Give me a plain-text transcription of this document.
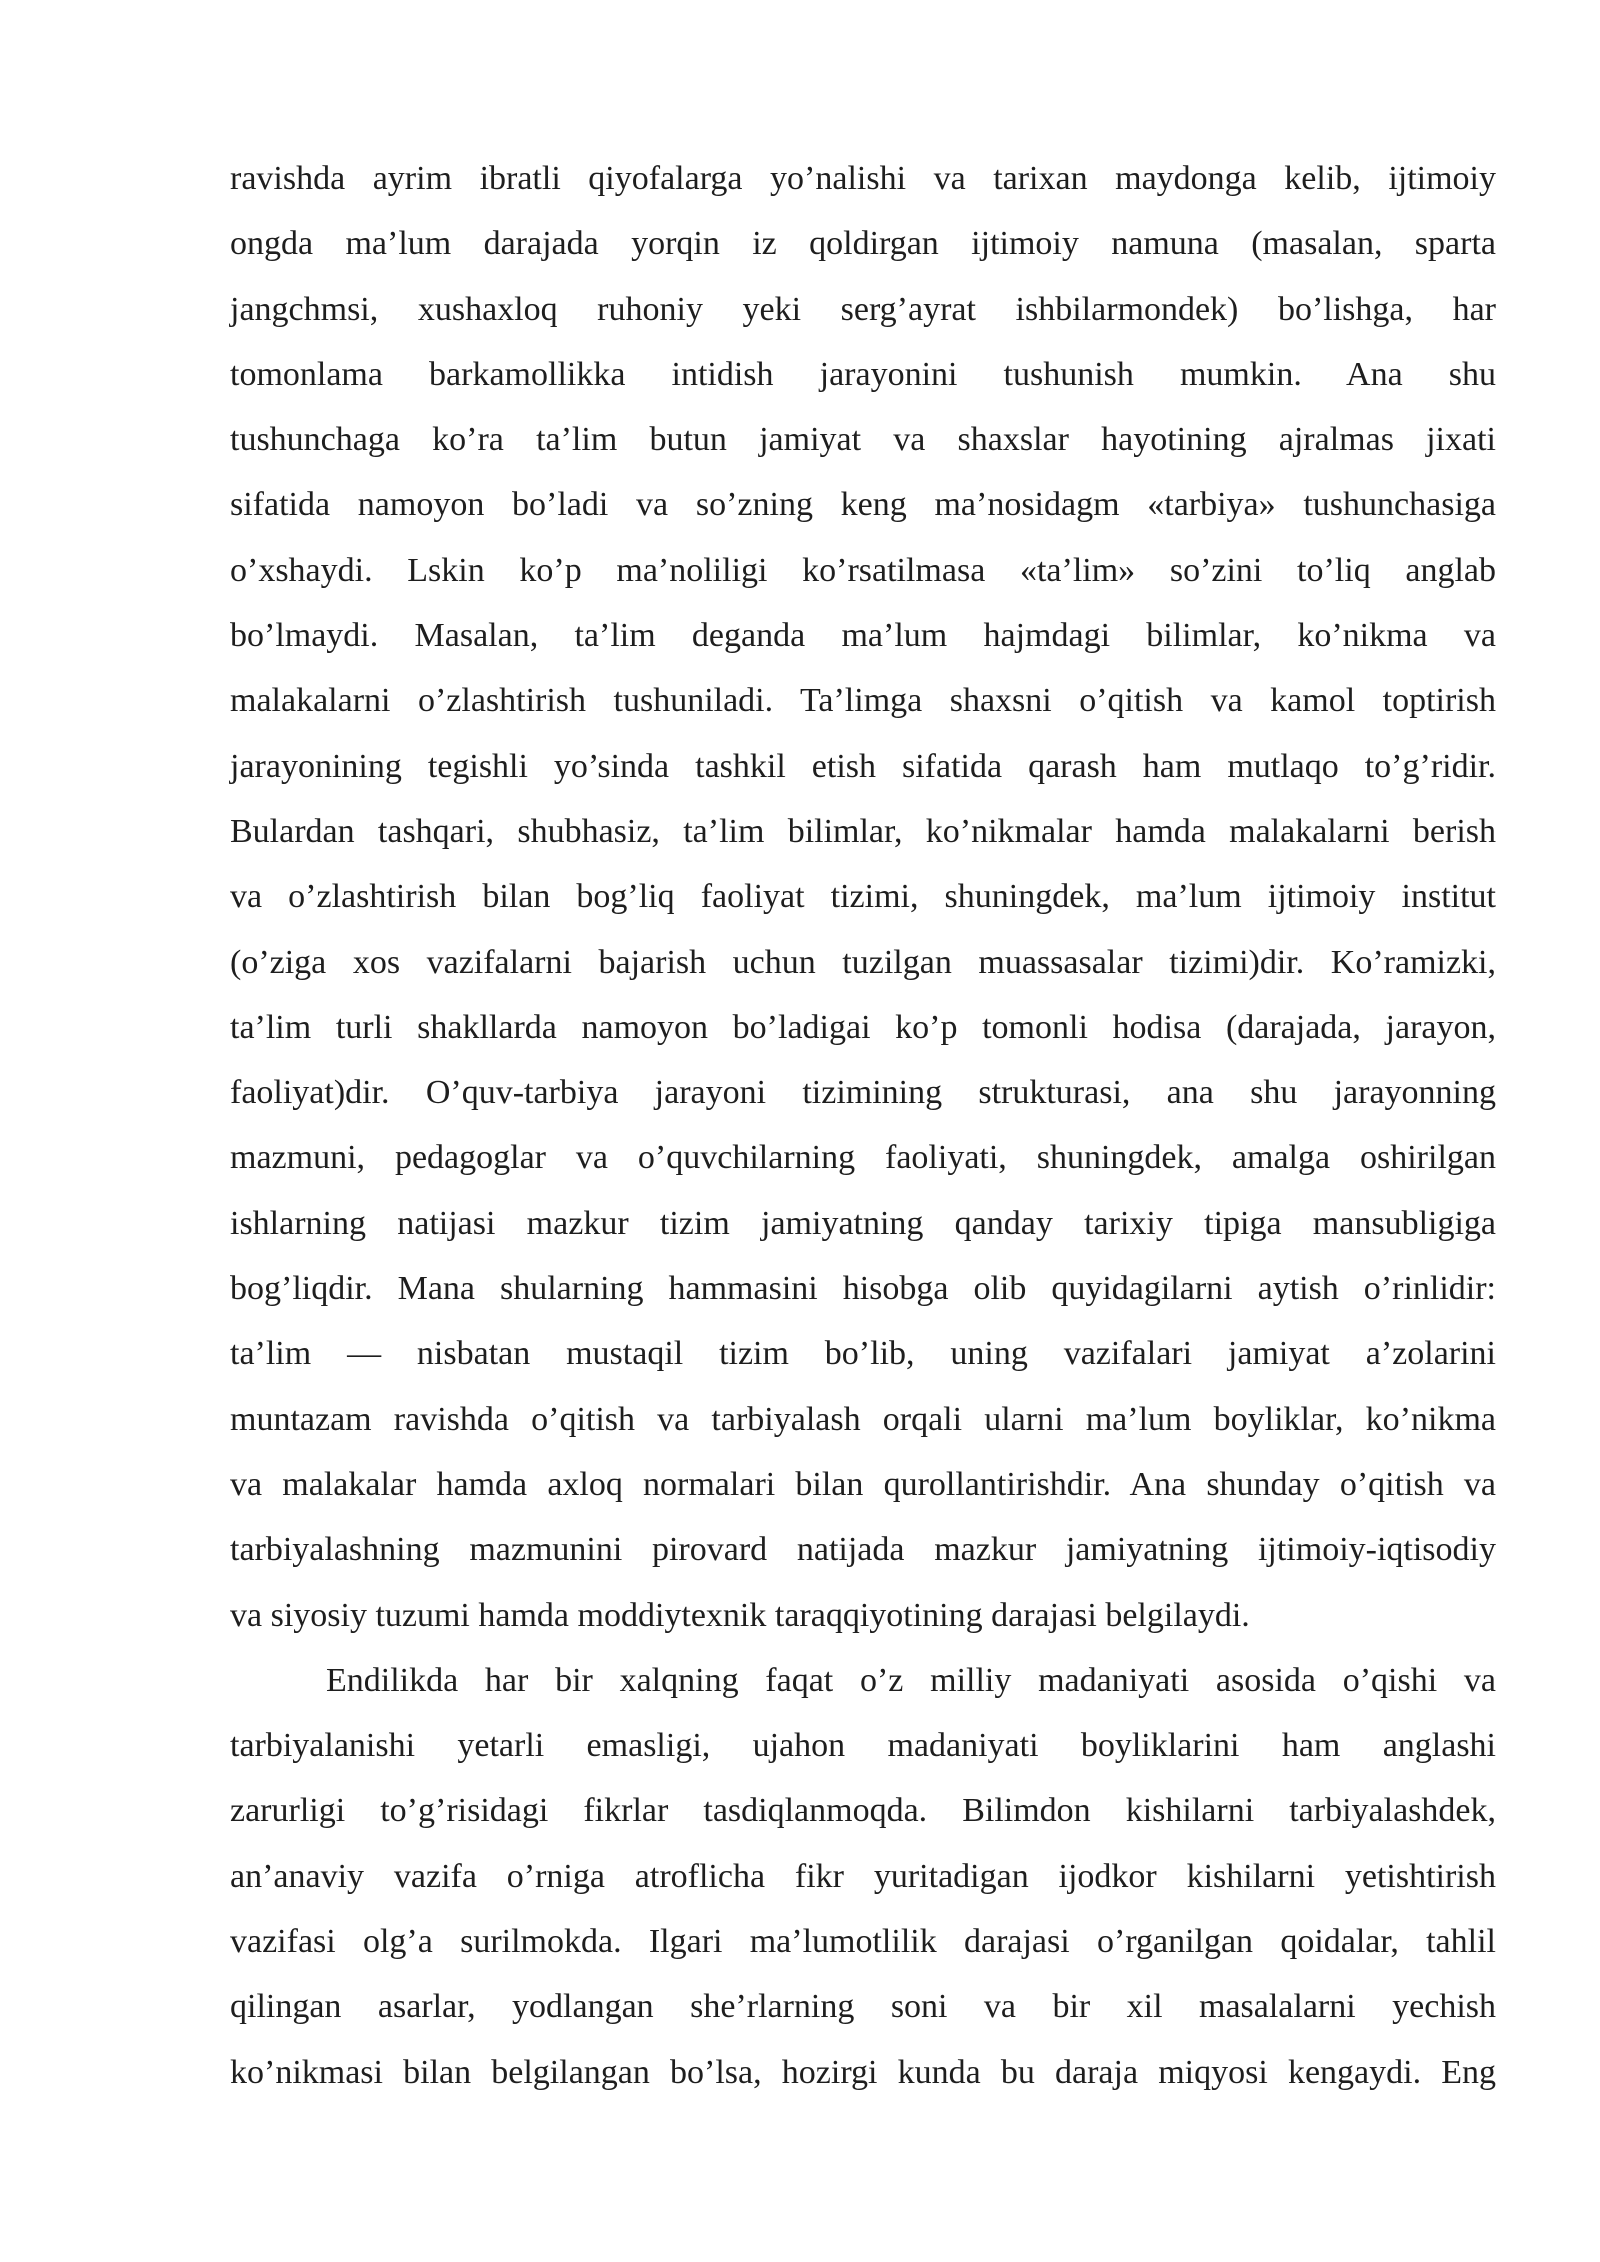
ravishda ayrim ibratli qiyofalarga yo’nalishi va tarixan maydonga kelib, ijtimoiy
ongda ma’lum darajada yorqin iz qoldirgan ijtimoiy namuna (masalan, sparta
jangchmsi, xushaxloq ruhoniy yeki serg’ayrat ishbilarmondek) bo’lishga, har
tomonlama barkamollikka intidish jarayonini tushunish mumkin. Ana shu
tushunchaga ko’ra ta’lim butun jamiyat va shaxslar hayotining ajralmas jixati
sifatida namoyon bo’ladi va so’zning keng ma’nosidagm «tarbiya» tushunchasiga
o’xshaydi. Lskin ko’p ma’noliligi ko’rsatilmasa «ta’lim» so’zini to’liq anglab
bo’lmaydi. Masalan, ta’lim deganda ma’lum hajmdagi bilimlar, ko’nikma va
malakalarni o’zlashtirish tushuniladi. Ta’limga shaxsni o’qitish va kamol toptirish
jarayonining tegishli yo’sinda tashkil etish sifatida qarash ham mutlaqo to’g’ridir.
Bulardan tashqari, shubhasiz, ta’lim bilimlar, ko’nikmalar hamda malakalarni berish
va o’zlashtirish bilan bog’liq faoliyat tizimi, shuningdek, ma’lum ijtimoiy institut
(o’ziga xos vazifalarni bajarish uchun tuzilgan muassasalar tizimi)dir. Ko’ramizki,
ta’lim turli shakllarda namoyon bo’ladigai ko’p tomonli hodisa (darajada, jarayon,
faoliyat)dir. O’quv-tarbiya jarayoni tizimining strukturasi, ana shu jarayonning
mazmuni, pedagoglar va o’quvchilarning faoliyati, shuningdek, amalga oshirilgan
ishlarning natijasi mazkur tizim jamiyatning qanday tarixiy tipiga mansubligiga
bog’liqdir. Mana shularning hammasini hisobga olib quyidagilarni aytish o’rinlidir:
ta’lim — nisbatan mustaqil tizim bo’lib, uning vazifalari jamiyat a’zolarini
muntazam ravishda o’qitish va tarbiyalash orqali ularni ma’lum boyliklar, ko’nikma
va malakalar hamda axloq normalari bilan qurollantirishdir. Ana shunday o’qitish va
tarbiyalashning mazmunini pirovard natijada mazkur jamiyatning ijtimoiy-iqtisodiy
va siyosiy tuzumi hamda moddiytexnik taraqqiyotining darajasi belgilaydi.
Endilikda har bir xalqning faqat o’z milliy madaniyati asosida o’qishi va
tarbiyalanishi yetarli emasligi, ujahon madaniyati boyliklarini ham anglashi
zarurligi to’g’risidagi fikrlar tasdiqlanmoqda. Bilimdon kishilarni tarbiyalashdek,
an’anaviy vazifa o’rniga atroflicha fikr yuritadigan ijodkor kishilarni yetishtirish
vazifasi olg’a surilmokda. Ilgari ma’lumotlilik darajasi o’rganilgan qoidalar, tahlil
qilingan asarlar, yodlangan she’rlarning soni va bir xil masalalarni yechish
ko’nikmasi bilan belgilangan bo’lsa, hozirgi kunda bu daraja miqyosi kengaydi. Eng
